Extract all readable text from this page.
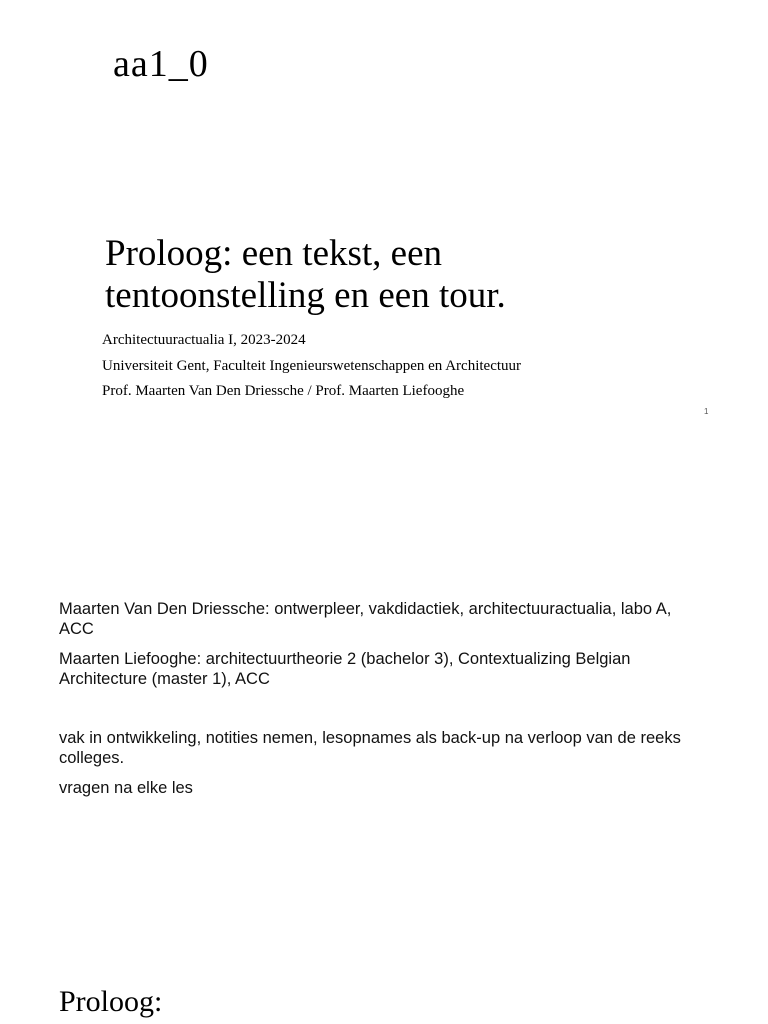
aa1_0
Proloog: een tekst, een tentoonstelling en een tour.
Architectuuractualia I, 2023-2024
Universiteit Gent, Faculteit Ingenieurswetenschappen en Architectuur
Prof. Maarten Van Den Driessche / Prof. Maarten Liefooghe
1

Maarten Van Den Driessche: ontwerpleer, vakdidactiek, architectuuractualia, labo A, ACC

Maarten Liefooghe: architectuurtheorie 2 (bachelor 3), Contextualizing Belgian Architecture (master 1), ACC

vak in ontwikkeling, notities nemen, lesopnames als back-up na verloop van de reeks colleges.

vragen na elke les

Proloog:
